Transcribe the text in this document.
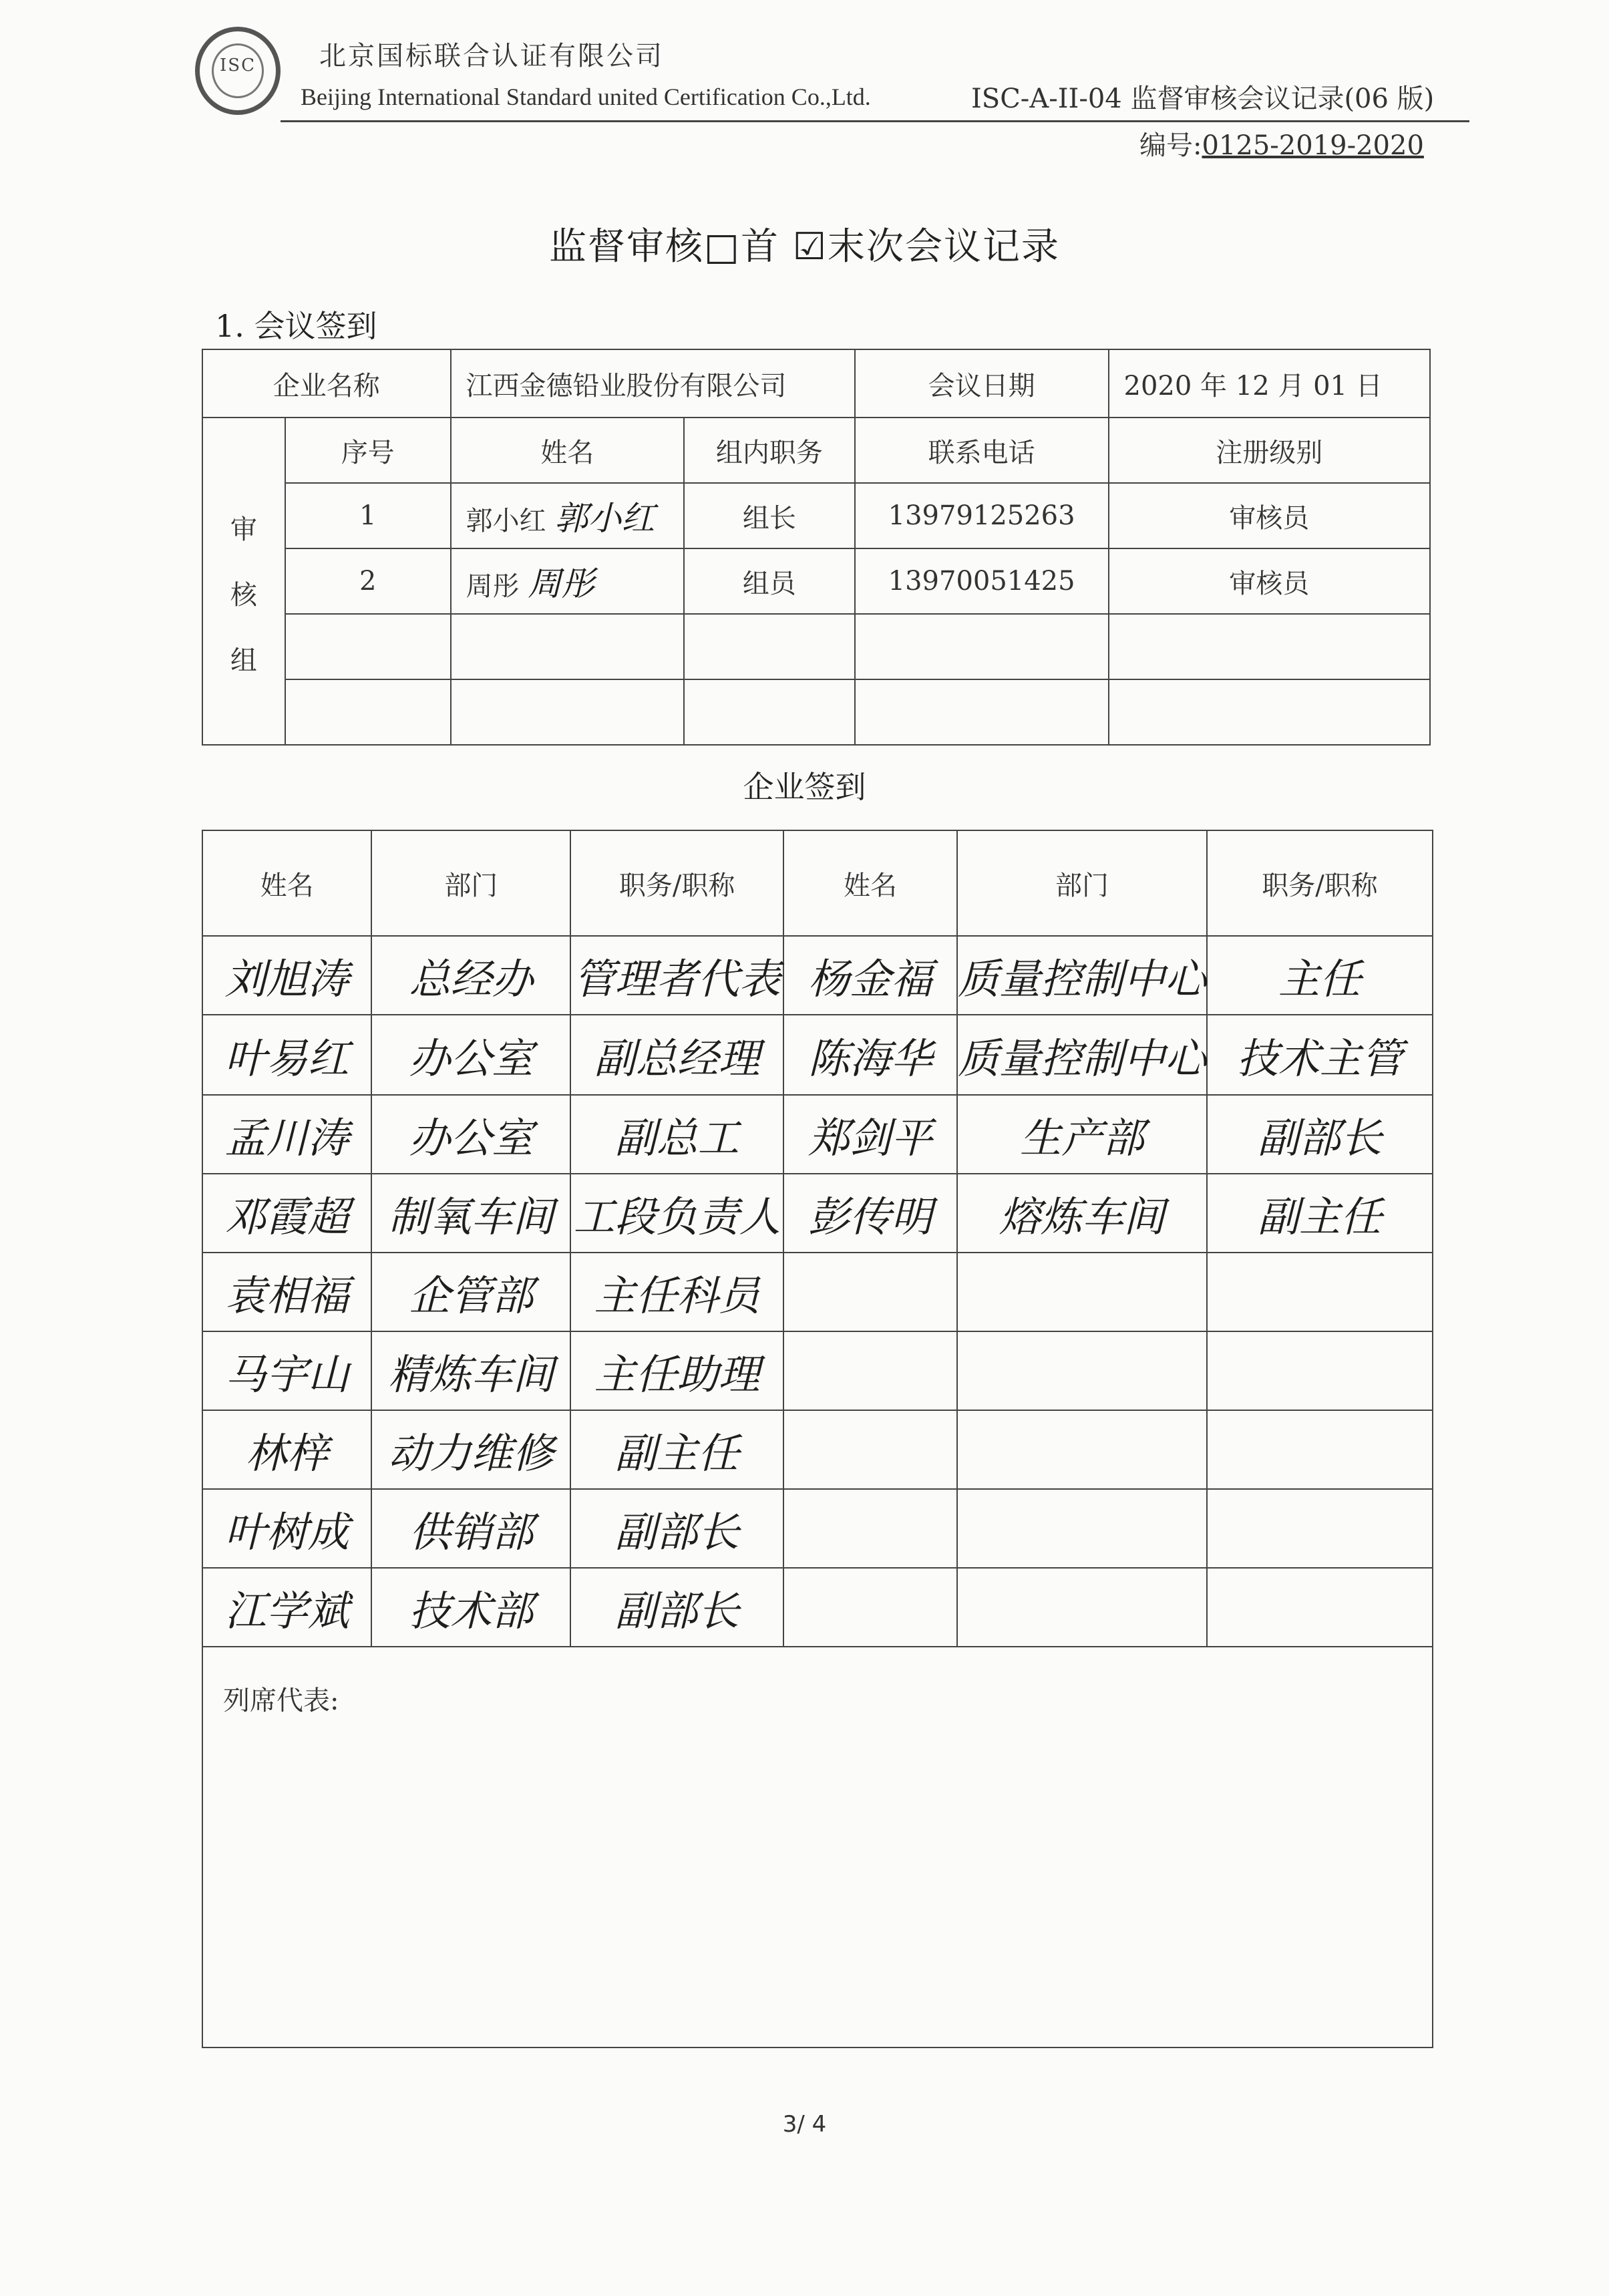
ISC	北京国标联合认证有限公司
Beijing International Standard united Certification Co.,Ltd.	ISC-A-II-04 监督审核会议记录(06 版)
编号:0125-2019-2020
监督审核□首 ☑末次会议记录
1. 会议签到
企业名称		江西金德铅业股份有限公司		会议日期	2020 年 12 月 01 日

审
核
组	序号	姓名	组内职务	联系电话	注册级别
	1	郭小红 郭小红	组长	13979125263	审核员
	2	周彤 周彤	组员	13970051425	审核员

企业签到
姓名	部门	职务/职称	姓名	部门	职务/职称
刘旭涛	总经办	管理者代表	杨金福	质量控制中心	主任
叶易红	办公室	副总经理	陈海华	质量控制中心	技术主管
孟川涛	办公室	副总工	郑剑平	生产部	副部长
邓霞超	制氧车间	工段负责人	彭传明	熔炼车间	副主任
袁相福	企管部	主任科员			
马宇山	精炼车间	主任助理			
林梓	动力维修	副主任			
叶树成	供销部	副部长			
江学斌	技术部	副部长			

列席代表:
3/ 4
